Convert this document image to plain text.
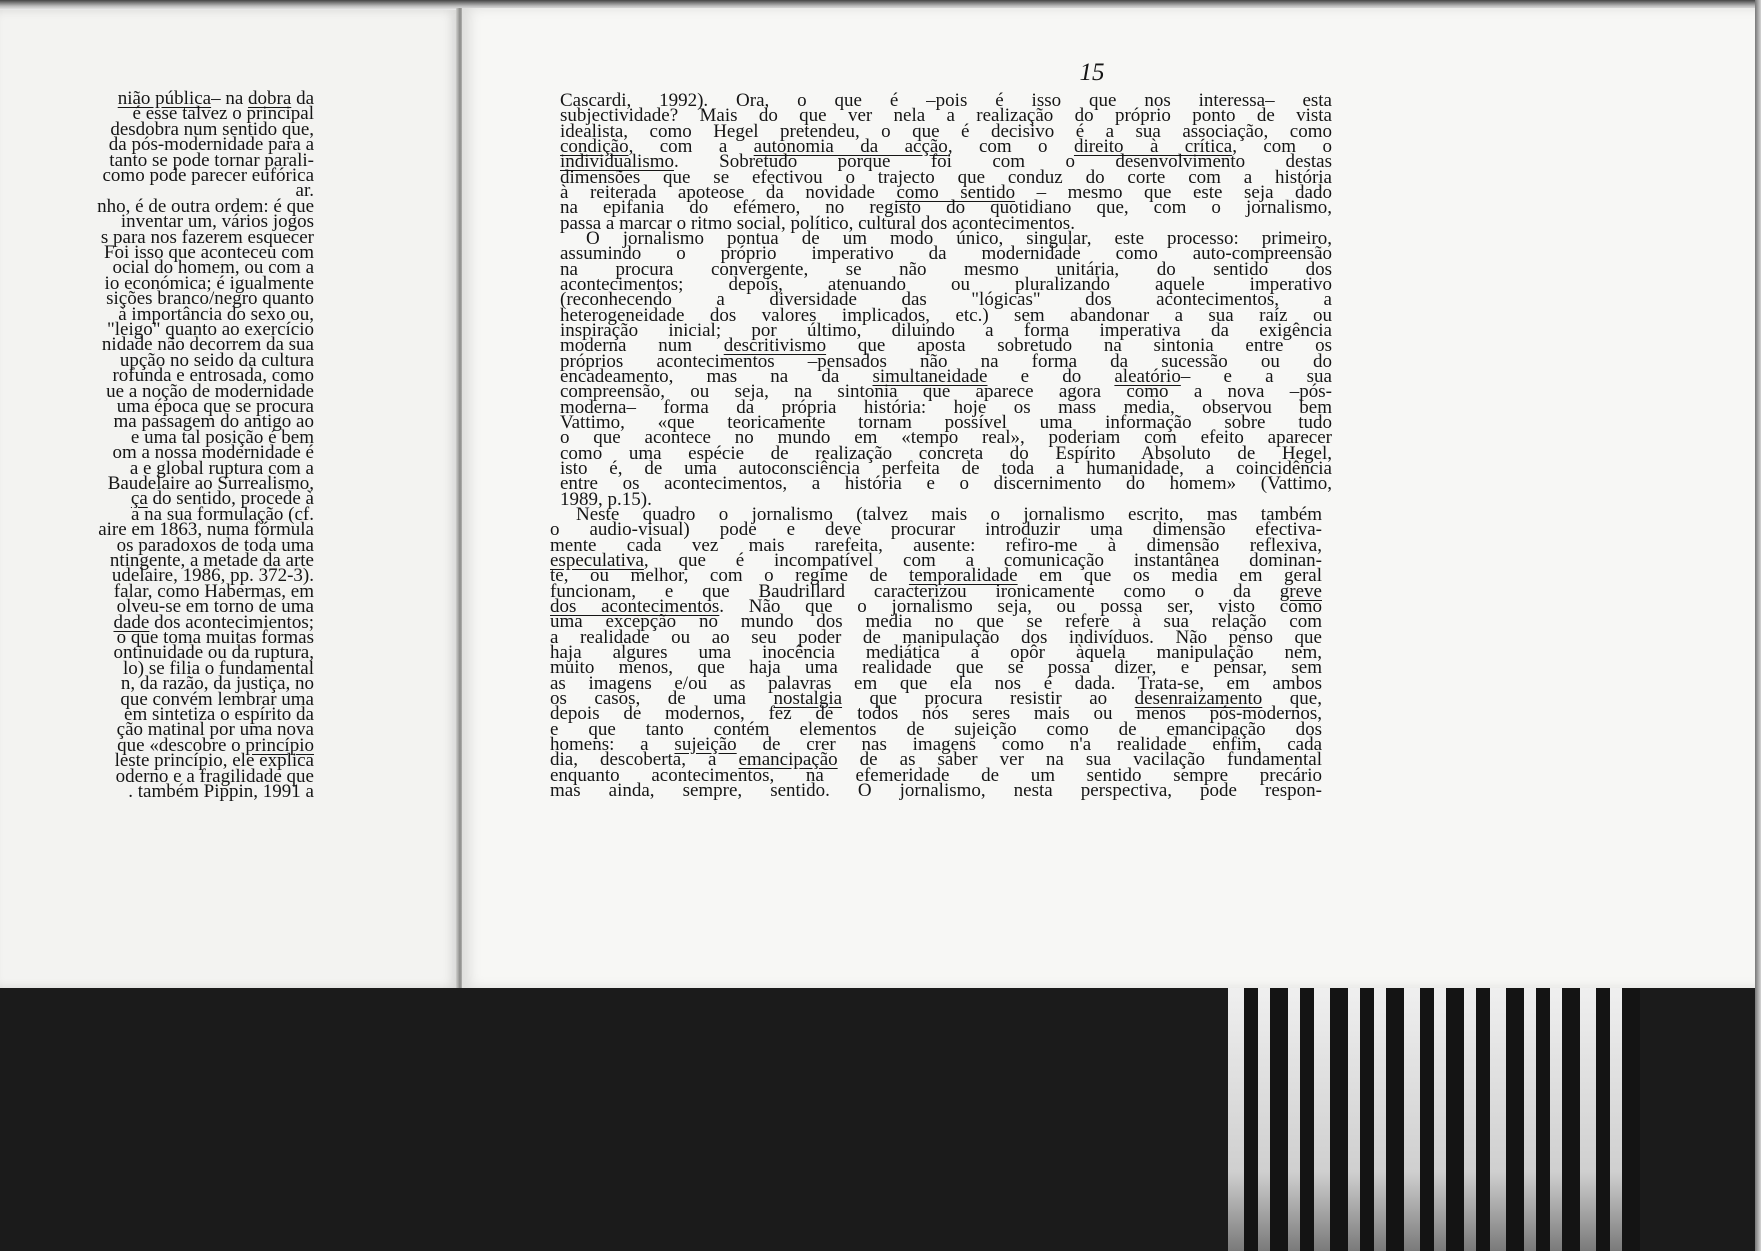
nião pública– na dobra da
é esse talvez o principal
desdobra num sentido que,
da pós-modernidade para a
tanto se pode tornar parali-
como pode parecer eufórica
ar.
nho, é de outra ordem: é que
inventar um, vários jogos
s para nos fazerem esquecer
Foi isso que aconteceu com
ocial do homem, ou com a
io económica; é igualmente
sições branco/negro quanto
à importância do sexo ou,
"leigo" quanto ao exercício
nidade não decorrem da sua
upção no seido da cultura
rofunda e entrosada, como
ue a noção de modernidade
uma época que se procura
ma passagem do antigo ao
e uma tal posição é bem
om a nossa modernidade é
a e global ruptura com a
Baudelaire ao Surrealismo,
ça do sentido, procede à
a na sua formulação (cf.
aire em 1863, numa fórmula
os paradoxos de toda uma
ntingente, a metade da arte
udelaire, 1986, pp. 372-3).
falar, como Habermas, em
olveu-se em torno de uma
dade dos acontecimientos;
o que toma muitas formas
ontinuidade ou da ruptura,
lo) se filia o fundamental
n, da razão, da justiça, no
que convém lembrar uma
em sintetiza o espírito da
ção matinal por uma nova
que «descobre o princípio
leste princípio, ele explica
oderno e a fragilidade que
. também Pippin, 1991 a
15
Cascardi, 1992). Ora, o que é –pois é isso que nos interessa– esta
subjectividade? Mais do que ver nela a realização do próprio ponto de vista
idealista, como Hegel pretendeu, o que é decisivo é a sua associação, como
condição, com a autonomia da acção, com o direito à crítica, com o
individualismo. Sobretudo porque foi com o desenvolvimento destas
dimensões que se efectivou o trajecto que conduz do corte com a história
à reiterada apoteose da novidade como sentido – mesmo que este seja dado
na epifania do efémero, no registo do quotidiano que, com o jornalismo,
passa a marcar o ritmo social, político, cultural dos acontecimentos.
O jornalismo pontua de um modo único, singular, este processo: primeiro,
assumindo o próprio imperativo da modernidade como auto-compreensão
na procura convergente, se não mesmo unitária, do sentido dos
acontecimentos; depois, atenuando ou pluralizando aquele imperativo
(reconhecendo a diversidade das "lógicas" dos acontecimentos, a
heterogeneidade dos valores implicados, etc.) sem abandonar a sua raíz ou
inspiração inicial; por último, diluindo a forma imperativa da exigência
moderna num descritivismo que aposta sobretudo na sintonia entre os
próprios acontecimentos –pensados não na forma da sucessão ou do
encadeamento, mas na da simultaneidade e do aleatório– e a sua
compreensão, ou seja, na sintonia que aparece agora como a nova –pós-
moderna– forma da própria história: hoje os mass media, observou bem
Vattimo, «que teoricamente tornam possível uma informação sobre tudo
o que acontece no mundo em «tempo real», poderiam com efeito aparecer
como uma espécie de realização concreta do Espírito Absoluto de Hegel,
isto é, de uma autoconsciência perfeita de toda a humanidade, a coincidência
entre os acontecimentos, a história e o discernimento do homem» (Vattimo,
1989, p.15).
Neste quadro o jornalismo (talvez mais o jornalismo escrito, mas também
o audio-visual) pode e deve procurar introduzir uma dimensão efectiva-
mente cada vez mais rarefeita, ausente: refiro-me à dimensão reflexiva,
especulativa, que é incompatível com a comunicação instantânea dominan-
te, ou melhor, com o regime de temporalidade em que os media em geral
funcionam, e que Baudrillard caracterizou ironicamente como o da greve
dos acontecimentos. Não que o jornalismo seja, ou possa ser, visto como
uma excepção no mundo dos media no que se refere à sua relação com
a realidade ou ao seu poder de manipulação dos indivíduos. Não penso que
haja algures uma inocência mediática a opôr àquela manipulação nem,
muito menos, que haja uma realidade que se possa dizer, e pensar, sem
as imagens e/ou as palavras em que ela nos é dada. Trata-se, em ambos
os casos, de uma nostalgia que procura resistir ao desenraizamento que,
depois de modernos, fez de todos nós seres mais ou menos pós-modernos,
e que tanto contém elementos de sujeição como de emancipação dos
homens: a sujeição de crer nas imagens como n'a realidade enfim, cada
dia, descoberta, a emancipação de as saber ver na sua vacilação fundamental
enquanto acontecimentos, na efemeridade de um sentido sempre precário
mas ainda, sempre, sentido. O jornalismo, nesta perspectiva, pode respon-
